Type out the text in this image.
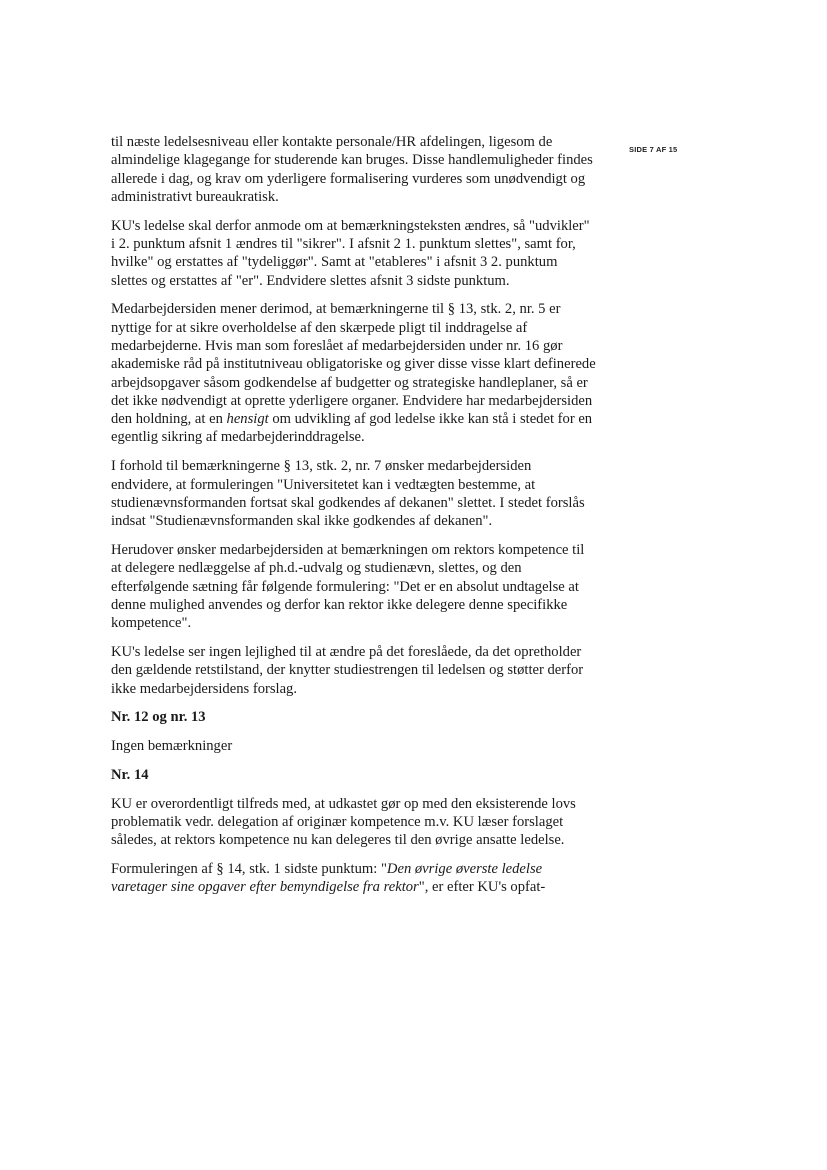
SIDE 7 AF 15

til næste ledelsesniveau eller kontakte personale/HR afdelingen, ligesom de almindelige klagegange for studerende kan bruges. Disse handlemuligheder findes allerede i dag, og krav om yderligere formalisering vurderes som unødvendigt og administrativt bureaukratisk.

KU's ledelse skal derfor anmode om at bemærkningsteksten ændres, så "udvikler" i 2. punktum afsnit 1 ændres til "sikrer". I afsnit 2 1. punktum slettes", samt for, hvilke" og erstattes af "tydeliggør". Samt at "etableres" i afsnit 3 2. punktum slettes og erstattes af "er". Endvidere slettes afsnit 3 sidste punktum.

Medarbejdersiden mener derimod, at bemærkningerne til § 13, stk. 2, nr. 5 er nyttige for at sikre overholdelse af den skærpede pligt til inddragelse af medarbejderne. Hvis man som foreslået af medarbejdersiden under nr. 16 gør akademiske råd på institutniveau obligatoriske og giver disse visse klart definerede arbejdsopgaver såsom godkendelse af budgetter og strategiske handleplaner, så er det ikke nødvendigt at oprette yderligere organer. Endvidere har medarbejdersiden den holdning, at en hensigt om udvikling af god ledelse ikke kan stå i stedet for en egentlig sikring af medarbejderinddragelse.

I forhold til bemærkningerne § 13, stk. 2, nr. 7 ønsker medarbejdersiden endvidere, at formuleringen "Universitetet kan i vedtægten bestemme, at studienævnsformanden fortsat skal godkendes af dekanen" slettet. I stedet forslås indsat "Studienævnsformanden skal ikke godkendes af dekanen".

Herudover ønsker medarbejdersiden at bemærkningen om rektors kompetence til at delegere nedlæggelse af ph.d.-udvalg og studienævn, slettes, og den efterfølgende sætning får følgende formulering: "Det er en absolut undtagelse at denne mulighed anvendes og derfor kan rektor ikke delegere denne specifikke kompetence".

KU's ledelse ser ingen lejlighed til at ændre på det foreslåede, da det opretholder den gældende retstilstand, der knytter studiestrengen til ledelsen og støtter derfor ikke medarbejdersidens forslag.

Nr. 12 og nr. 13

Ingen bemærkninger

Nr. 14

KU er overordentligt tilfreds med, at udkastet gør op med den eksisterende lovs problematik vedr. delegation af originær kompetence m.v. KU læser forslaget således, at rektors kompetence nu kan delegeres til den øvrige ansatte ledelse.

Formuleringen af § 14, stk. 1 sidste punktum: "Den øvrige øverste ledelse varetager sine opgaver efter bemyndigelse fra rektor", er efter KU's opfat-
